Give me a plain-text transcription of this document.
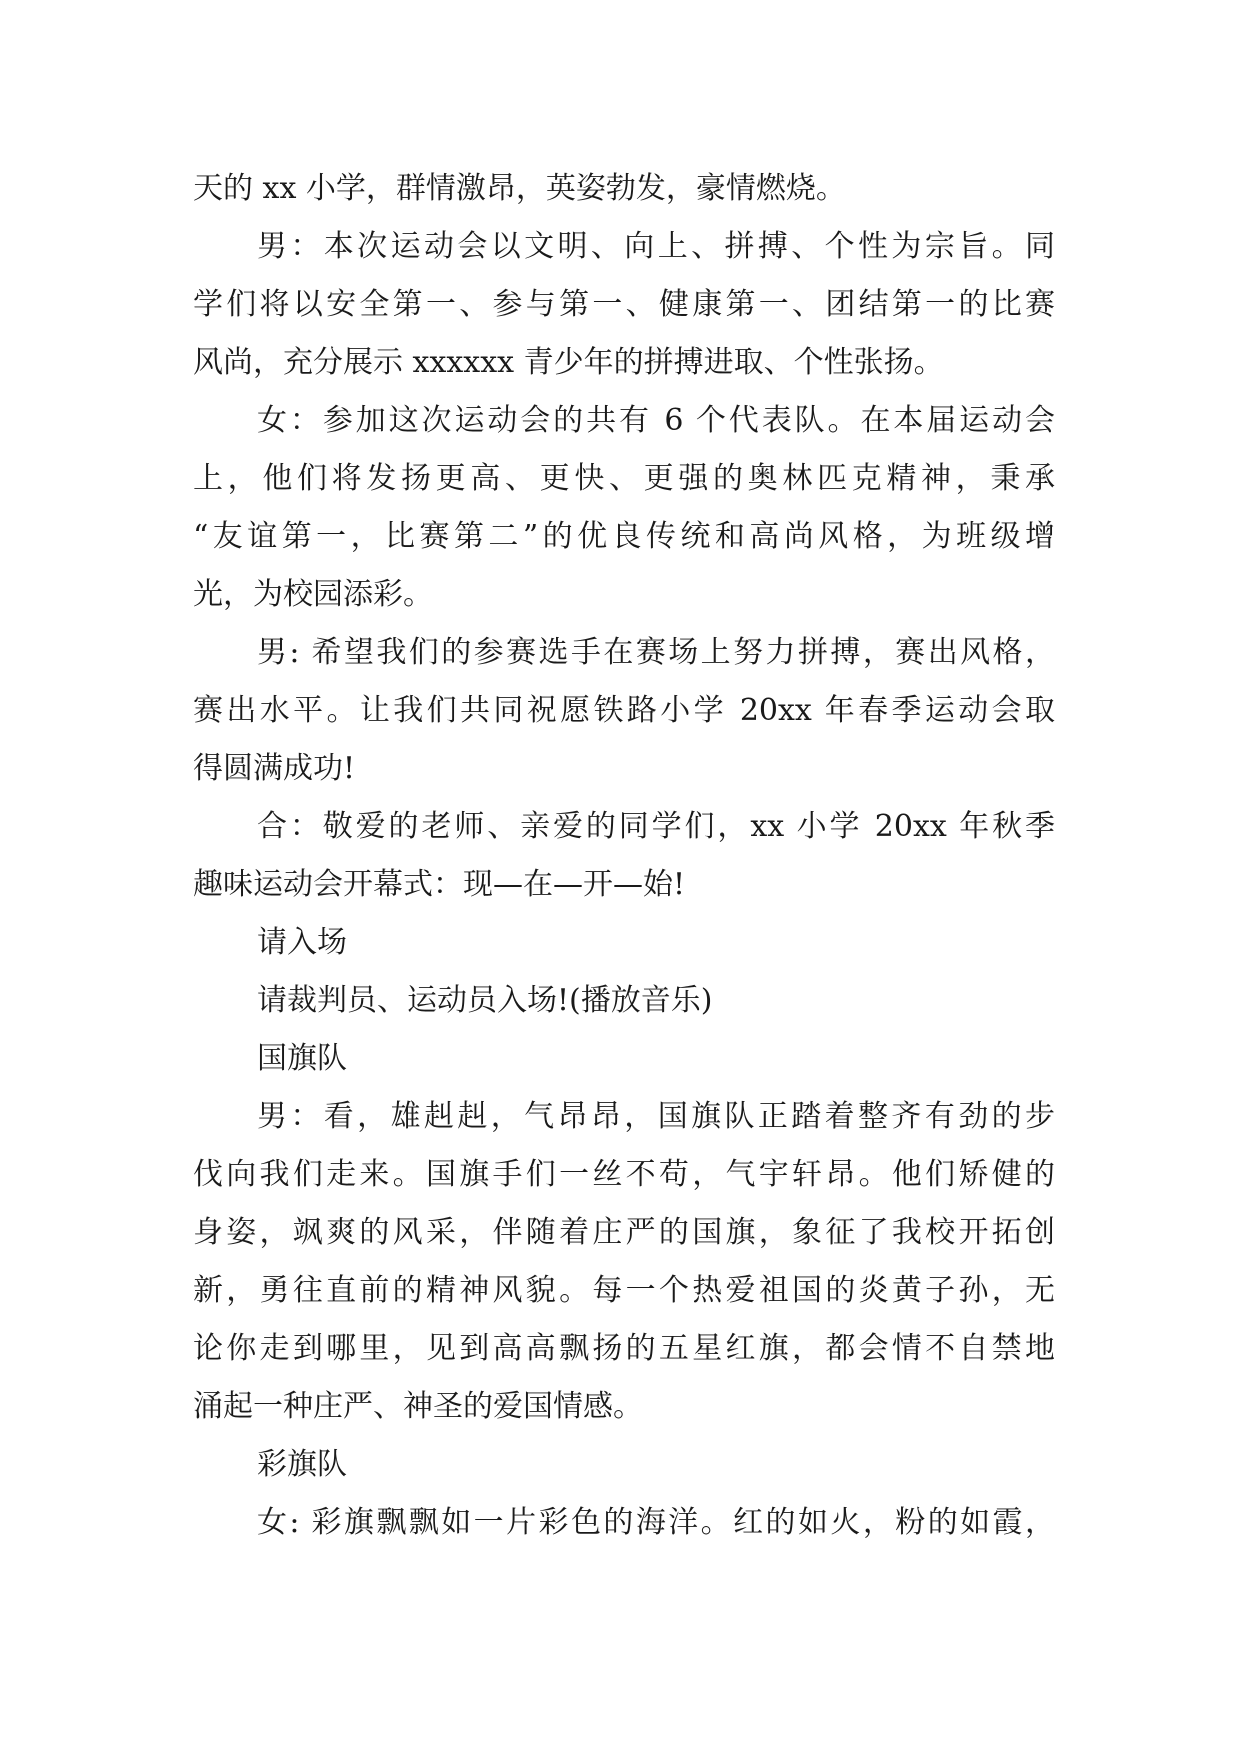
天的 xx 小学，群情激昂，英姿勃发，豪情燃烧。
男：本次运动会以文明、向上、拼搏、个性为宗旨。同
学们将以安全第一、参与第一、健康第一、团结第一的比赛
风尚，充分展示 xxxxxx 青少年的拼搏进取、个性张扬。
女：参加这次运动会的共有 6 个代表队。在本届运动会
上，他们将发扬更高、更快、更强的奥林匹克精神，秉承
“友谊第一，比赛第二”的优良传统和高尚风格，为班级增
光，为校园添彩。
男: 希望我们的参赛选手在赛场上努力拼搏，赛出风格，
赛出水平。让我们共同祝愿铁路小学 20xx 年春季运动会取
得圆满成功!
合：敬爱的老师、亲爱的同学们，xx 小学 20xx 年秋季
趣味运动会开幕式：现—在—开—始!
请入场
请裁判员、运动员入场!(播放音乐)
国旗队
男：看，雄赳赳，气昂昂，国旗队正踏着整齐有劲的步
伐向我们走来。国旗手们一丝不苟，气宇轩昂。他们矫健的
身姿，飒爽的风采，伴随着庄严的国旗，象征了我校开拓创
新，勇往直前的精神风貌。每一个热爱祖国的炎黄子孙，无
论你走到哪里，见到高高飘扬的五星红旗，都会情不自禁地
涌起一种庄严、神圣的爱国情感。
彩旗队
女: 彩旗飘飘如一片彩色的海洋。红的如火，粉的如霞，
